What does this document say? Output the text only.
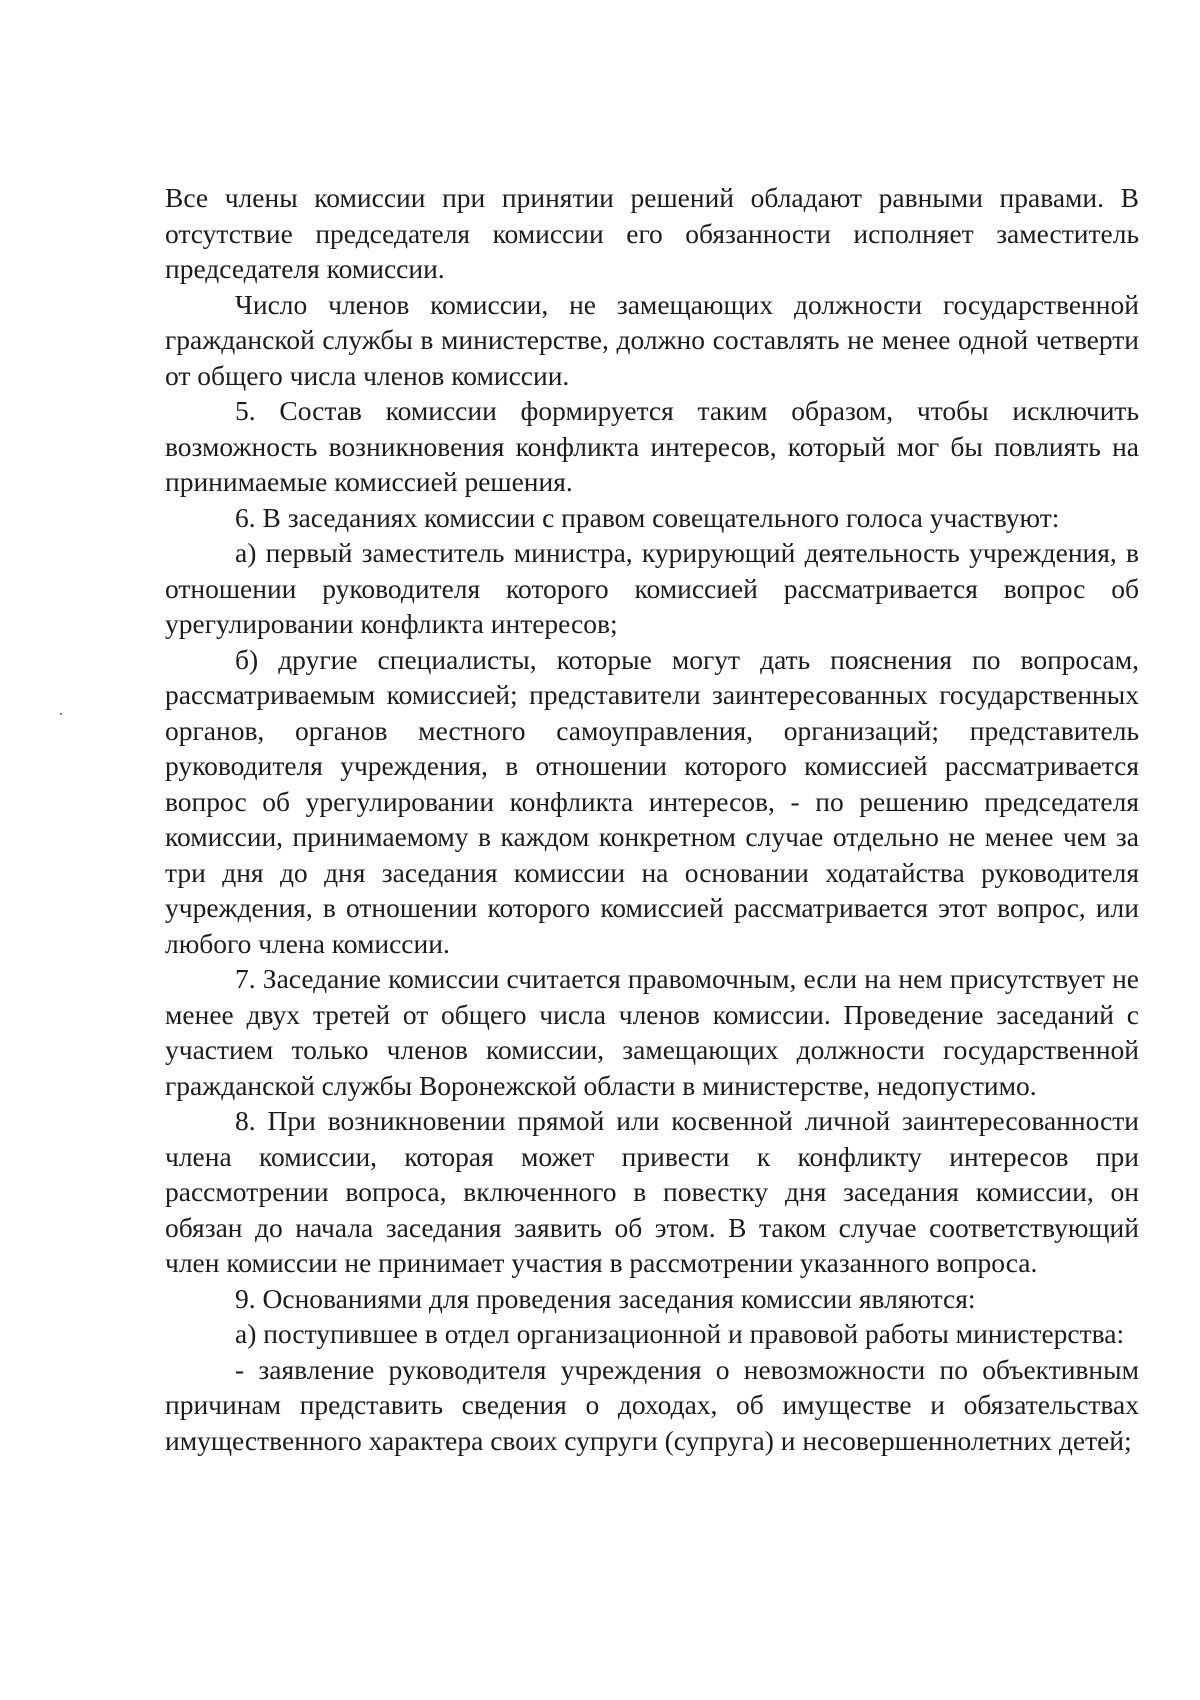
Все члены комиссии при принятии решений обладают равными правами. В отсутствие председателя комиссии его обязанности исполняет заместитель председателя комиссии.

Число членов комиссии, не замещающих должности государственной гражданской службы в министерстве, должно составлять не менее одной четверти от общего числа членов комиссии.

5. Состав комиссии формируется таким образом, чтобы исключить возможность возникновения конфликта интересов, который мог бы повлиять на принимаемые комиссией решения.

6. В заседаниях комиссии с правом совещательного голоса участвуют:

а) первый заместитель министра, курирующий деятельность учреждения, в отношении руководителя которого комиссией рассматривается вопрос об урегулировании конфликта интересов;

б) другие специалисты, которые могут дать пояснения по вопросам, рассматриваемым комиссией; представители заинтересованных государственных органов, органов местного самоуправления, организаций; представитель руководителя учреждения, в отношении которого комиссией рассматривается вопрос об урегулировании конфликта интересов, - по решению председателя комиссии, принимаемому в каждом конкретном случае отдельно не менее чем за три дня до дня заседания комиссии на основании ходатайства руководителя учреждения, в отношении которого комиссией рассматривается этот вопрос, или любого члена комиссии.

7. Заседание комиссии считается правомочным, если на нем присутствует не менее двух третей от общего числа членов комиссии. Проведение заседаний с участием только членов комиссии, замещающих должности государственной гражданской службы Воронежской области в министерстве, недопустимо.

8. При возникновении прямой или косвенной личной заинтересованности члена комиссии, которая может привести к конфликту интересов при рассмотрении вопроса, включенного в повестку дня заседания комиссии, он обязан до начала заседания заявить об этом. В таком случае соответствующий член комиссии не принимает участия в рассмотрении указанного вопроса.

9. Основаниями для проведения заседания комиссии являются:

а) поступившее в отдел организационной и правовой работы министерства:

- заявление руководителя учреждения о невозможности по объективным причинам представить сведения о доходах, об имуществе и обязательствах имущественного характера своих супруги (супруга) и несовершеннолетних детей;
